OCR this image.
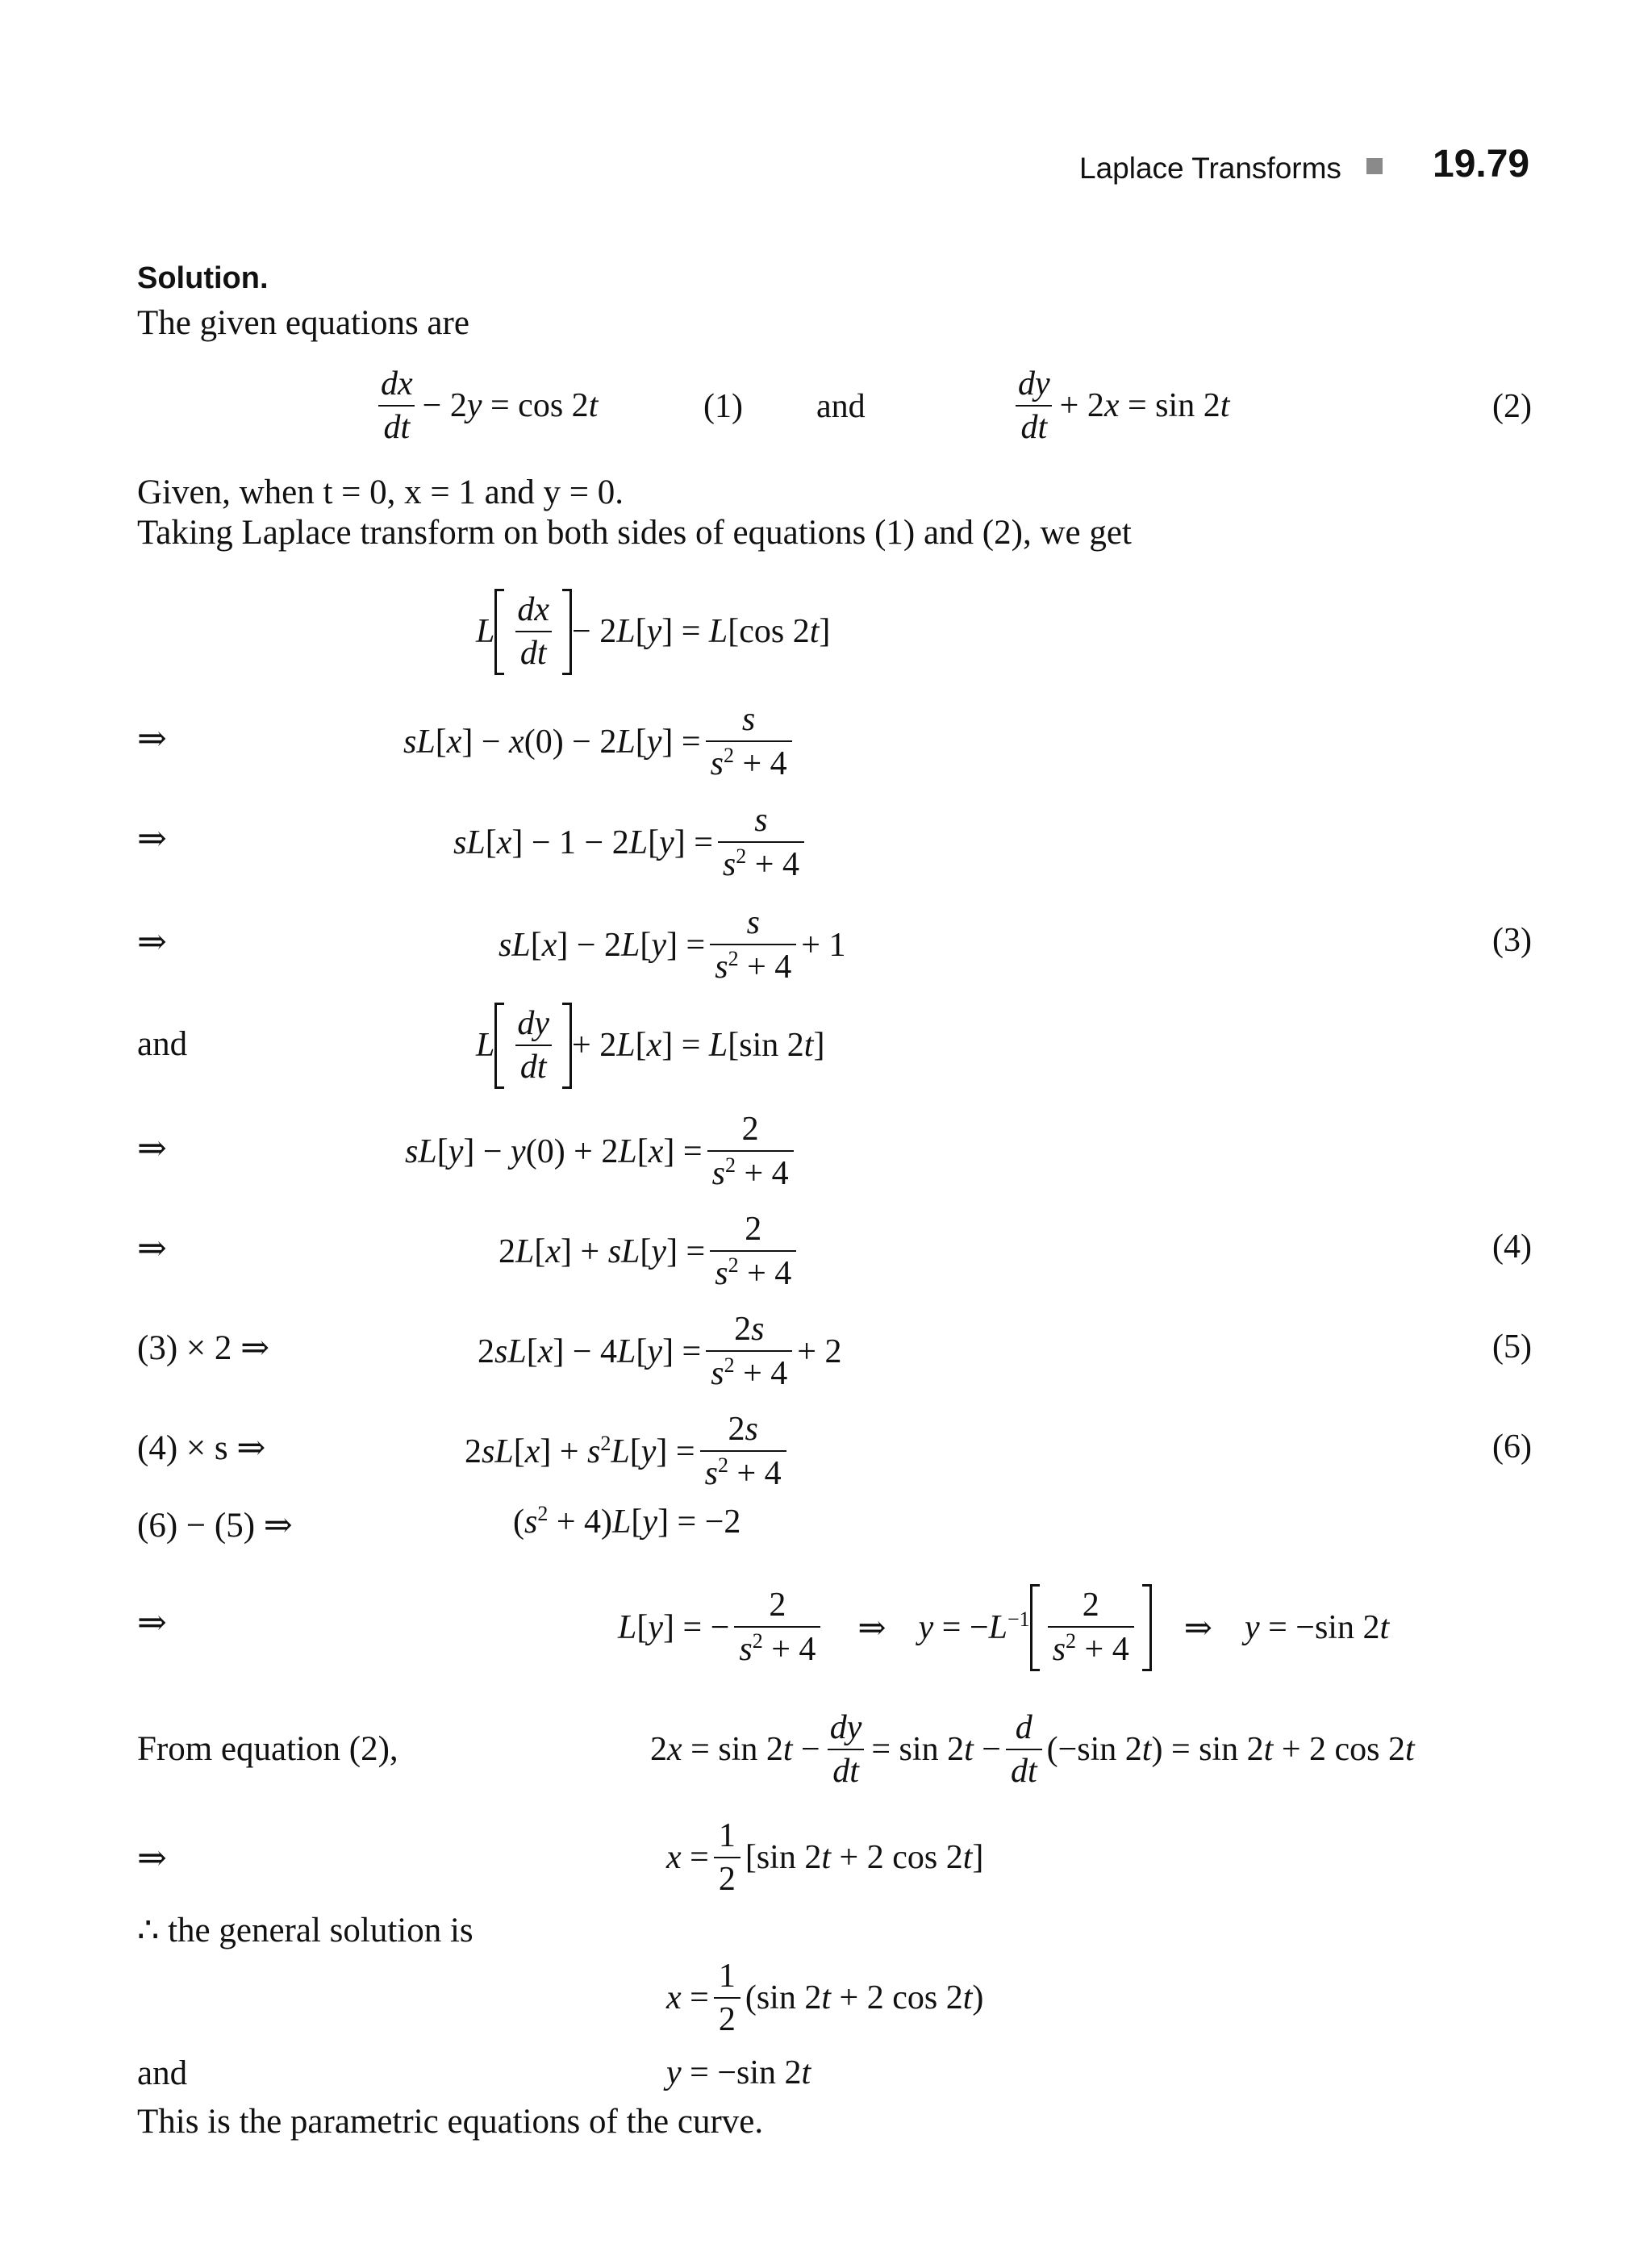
Laplace Transforms 19.79
Solution.
The given equations are
$\frac{dx}{dt} - 2y = \cos 2t$	(1) and	$\frac{dy}{dt} + 2x = \sin 2t$	(2)
Given, when t = 0, x = 1 and y = 0.
Taking Laplace transform on both sides of equations (1) and (2), we get
L $\frac{dx}{dt} - 2L[y] = L[\cos$ 2t]
⇒	$sL[x] - x(0) - 2L[y] = \frac{s}{s^2 + 4}$
⇒	$sL[x] - 1 - 2L[y] = \frac{s}{s^2 + 4}$
⇒	$sL[x] - 2L[y] = \frac{s}{s^2 + 4} + 1$	(3)
and	L $\frac{dy}{dt} + 2L[x] = L[\sin$ 2t]
⇒	$sL[y] - y(0) + 2L[x] = \frac{2}{s^2 + 4}$
⇒	$2L[x] + sL[y] = \frac{2}{s^2 + 4}$	(4)
(3) × 2 ⇒	$2sL[x] - 4L[y] = \frac{2s}{s^2 + 4} + 2$	(5)
(4) × s ⇒	$2sL[x] + s^2L[y] = \frac{2s}{s^2 + 4}$	(6)
(6) − (5) ⇒	$(s^2 + 4)L[y] = -2$
⇒	L[y] = − $\frac{2}{s^2 + 4}$ ⇒ $y = -L^{-1} \frac{2}{s^2 + 4}$ ⇒ y = −sin 2t
From equation (2),	$2x = \sin 2t - \frac{dy}{dt} = \sin 2t - \frac{d}{dt} (-\sin$ 2t) = sin 2t + 2 cos 2t
⇒	$x = \frac{1}{2} [\sin$ 2t + 2 cos 2t]
∴ the general solution is
$x = \frac{1}{2} (\sin$ 2t + 2 cos 2t)
and	y = −sin 2t
This is the parametric equations of the curve.
